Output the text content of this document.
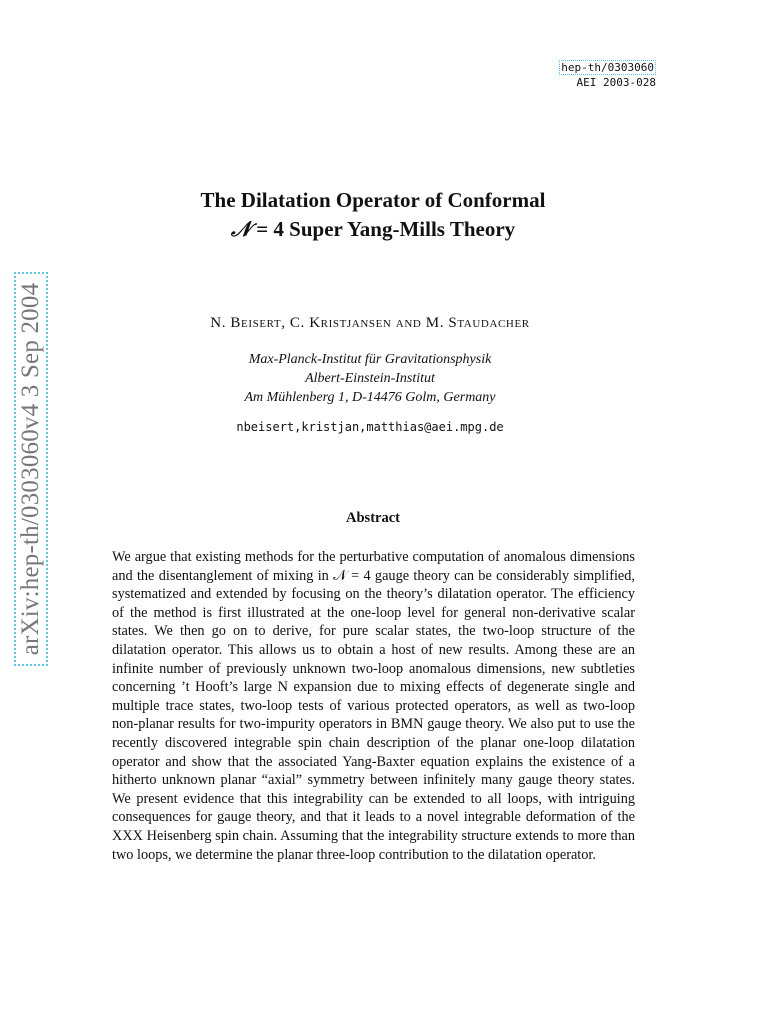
arXiv:hep-th/0303060v4 3 Sep 2004
hep-th/0303060
AEI 2003-028
The Dilatation Operator of Conformal
𝒩 = 4 Super Yang-Mills Theory
N. Beisert, C. Kristjansen and M. Staudacher
Max-Planck-Institut für Gravitationsphysik
Albert-Einstein-Institut
Am Mühlenberg 1, D-14476 Golm, Germany
nbeisert,kristjan,matthias@aei.mpg.de
Abstract

We argue that existing methods for the perturbative computation of anomalous dimensions and the disentanglement of mixing in 𝒩 = 4 gauge theory can be considerably simplified, systematized and extended by focusing on the theory’s dilatation operator. The efficiency of the method is first illustrated at the one-loop level for general non-derivative scalar states. We then go on to derive, for pure scalar states, the two-loop structure of the dilatation operator. This allows us to obtain a host of new results. Among these are an infinite number of previously unknown two-loop anomalous dimensions, new subtleties concerning ’t Hooft’s large N expansion due to mixing effects of degenerate single and multiple trace states, two-loop tests of various protected operators, as well as two-loop non-planar results for two-impurity operators in BMN gauge theory. We also put to use the recently discovered integrable spin chain description of the planar one-loop dilatation operator and show that the associated Yang-Baxter equation explains the existence of a hitherto unknown planar “axial” symmetry between infinitely many gauge theory states. We present evidence that this integrability can be extended to all loops, with intriguing consequences for gauge theory, and that it leads to a novel integrable deformation of the XXX Heisenberg spin chain. Assuming that the integrability structure extends to more than two loops, we determine the planar three-loop contribution to the dilatation operator.
